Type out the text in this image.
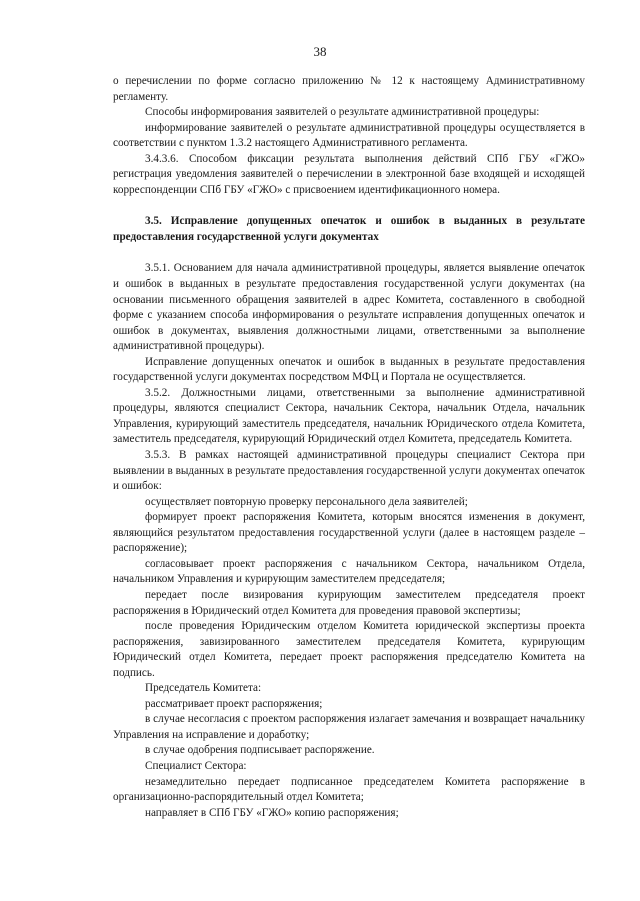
38

о перечислении по форме согласно приложению № 12 к настоящему Административному регламенту.

Способы информирования заявителей о результате административной процедуры:

информирование заявителей о результате административной процедуры осуществляется в соответствии с пунктом 1.3.2 настоящего Административного регламента.

3.4.3.6. Способом фиксации результата выполнения действий СПб ГБУ «ГЖО» регистрация уведомления заявителей о перечислении в электронной базе входящей и исходящей корреспонденции СПб ГБУ «ГЖО» с присвоением идентификационного номера.

3.5. Исправление допущенных опечаток и ошибок в выданных в результате предоставления государственной услуги документах

3.5.1. Основанием для начала административной процедуры, является выявление опечаток и ошибок в выданных в результате предоставления государственной услуги документах (на основании письменного обращения заявителей в адрес Комитета, составленного в свободной форме с указанием способа информирования о результате исправления допущенных опечаток и ошибок в документах, выявления должностными лицами, ответственными за выполнение административной процедуры).

Исправление допущенных опечаток и ошибок в выданных в результате предоставления государственной услуги документах посредством МФЦ и Портала не осуществляется.

3.5.2. Должностными лицами, ответственными за выполнение административной процедуры, являются специалист Сектора, начальник Сектора, начальник Отдела, начальник Управления, курирующий заместитель председателя, начальник Юридического отдела Комитета, заместитель председателя, курирующий Юридический отдел Комитета, председатель Комитета.

3.5.3. В рамках настоящей административной процедуры специалист Сектора при выявлении в выданных в результате предоставления государственной услуги документах опечаток и ошибок:

осуществляет повторную проверку персонального дела заявителей;

формирует проект распоряжения Комитета, которым вносятся изменения в документ, являющийся результатом предоставления государственной услуги (далее в настоящем разделе – распоряжение);

согласовывает проект распоряжения с начальником Сектора, начальником Отдела, начальником Управления и курирующим заместителем председателя;

передает после визирования курирующим заместителем председателя проект распоряжения в Юридический отдел Комитета для проведения правовой экспертизы;

после проведения Юридическим отделом Комитета юридической экспертизы проекта распоряжения, завизированного заместителем председателя Комитета, курирующим Юридический отдел Комитета, передает проект распоряжения председателю Комитета на подпись.

Председатель Комитета:

рассматривает проект распоряжения;

в случае несогласия с проектом распоряжения излагает замечания и возвращает начальнику Управления на исправление и доработку;

в случае одобрения подписывает распоряжение.

Специалист Сектора:

незамедлительно передает подписанное председателем Комитета распоряжение в организационно-распорядительный отдел Комитета;

направляет в СПб ГБУ «ГЖО» копию распоряжения;
